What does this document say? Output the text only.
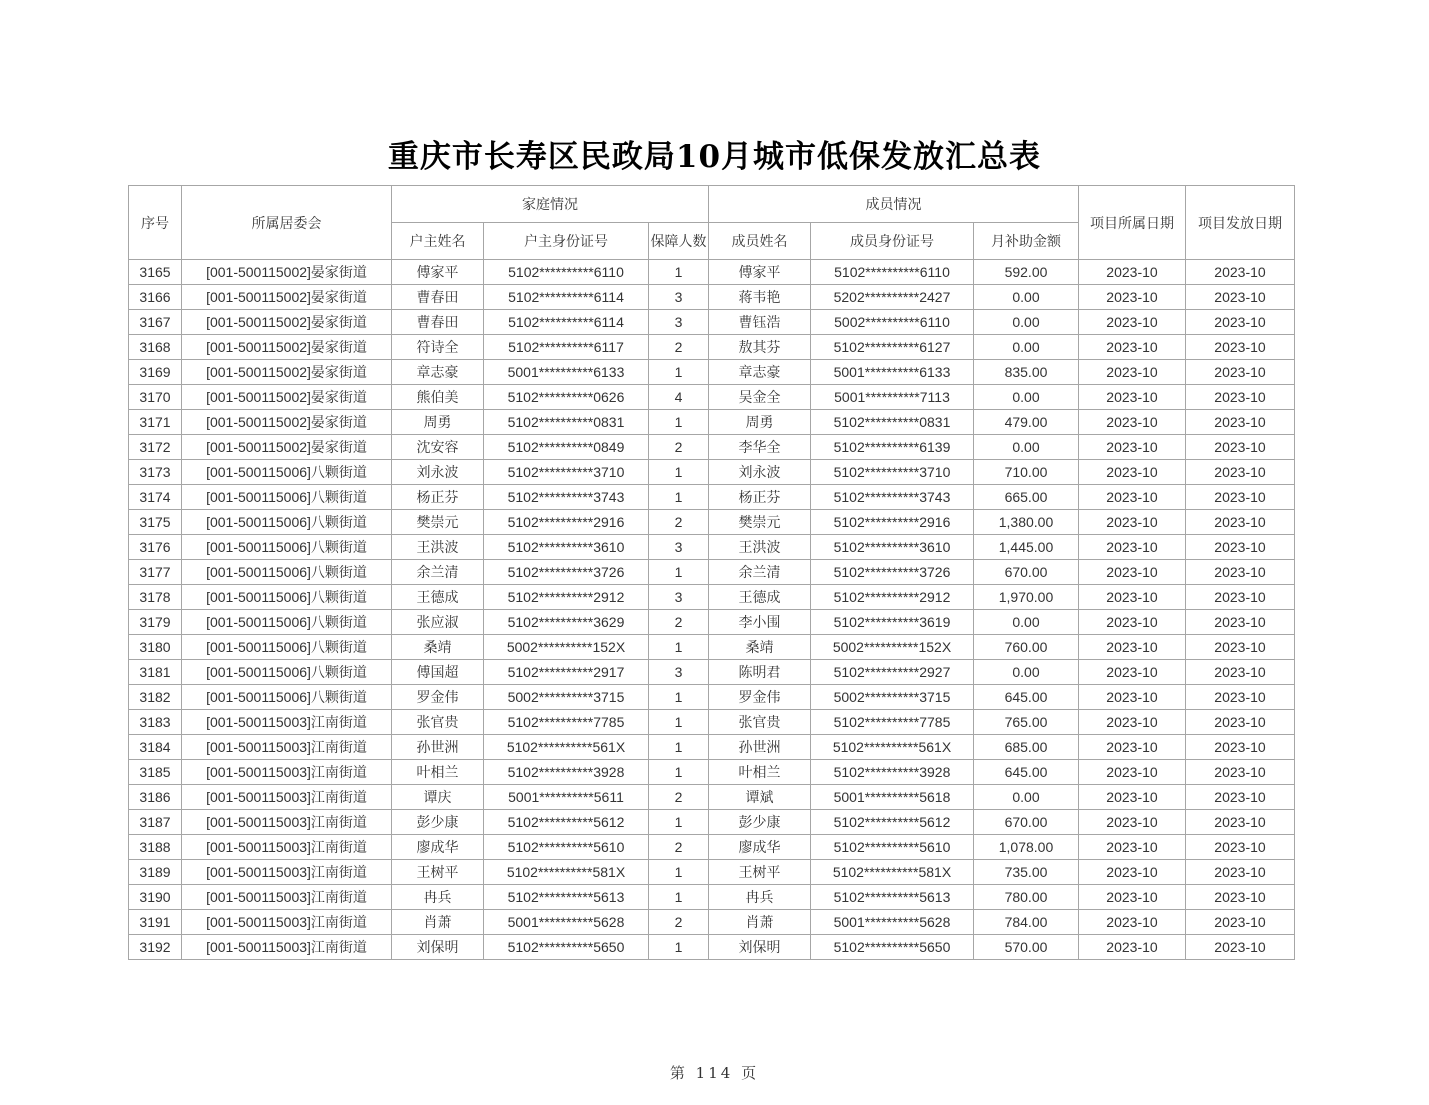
重庆市长寿区民政局10月城市低保发放汇总表
序号	所属居委会	家庭情况			成员情况			项目所属日期	项目发放日期
		户主姓名	户主身份证号	保障人数	成员姓名	成员身份证号	月补助金额		
3165	[001-500115002]晏家街道	傅家平	5102**********6110	1	傅家平	5102**********6110	592.00	2023-10	2023-10
3166	[001-500115002]晏家街道	曹春田	5102**********6114	3	蒋韦艳	5202**********2427	0.00	2023-10	2023-10
3167	[001-500115002]晏家街道	曹春田	5102**********6114	3	曹钰浩	5002**********6110	0.00	2023-10	2023-10
3168	[001-500115002]晏家街道	符诗全	5102**********6117	2	敖其芬	5102**********6127	0.00	2023-10	2023-10
3169	[001-500115002]晏家街道	章志豪	5001**********6133	1	章志豪	5001**********6133	835.00	2023-10	2023-10
3170	[001-500115002]晏家街道	熊伯美	5102**********0626	4	吴金全	5001**********7113	0.00	2023-10	2023-10
3171	[001-500115002]晏家街道	周勇	5102**********0831	1	周勇	5102**********0831	479.00	2023-10	2023-10
3172	[001-500115002]晏家街道	沈安容	5102**********0849	2	李华全	5102**********6139	0.00	2023-10	2023-10
3173	[001-500115006]八颗街道	刘永波	5102**********3710	1	刘永波	5102**********3710	710.00	2023-10	2023-10
3174	[001-500115006]八颗街道	杨正芬	5102**********3743	1	杨正芬	5102**********3743	665.00	2023-10	2023-10
3175	[001-500115006]八颗街道	樊崇元	5102**********2916	2	樊崇元	5102**********2916	1,380.00	2023-10	2023-10
3176	[001-500115006]八颗街道	王洪波	5102**********3610	3	王洪波	5102**********3610	1,445.00	2023-10	2023-10
3177	[001-500115006]八颗街道	余兰清	5102**********3726	1	余兰清	5102**********3726	670.00	2023-10	2023-10
3178	[001-500115006]八颗街道	王德成	5102**********2912	3	王德成	5102**********2912	1,970.00	2023-10	2023-10
3179	[001-500115006]八颗街道	张应淑	5102**********3629	2	李小围	5102**********3619	0.00	2023-10	2023-10
3180	[001-500115006]八颗街道	桑靖	5002**********152X	1	桑靖	5002**********152X	760.00	2023-10	2023-10
3181	[001-500115006]八颗街道	傅国超	5102**********2917	3	陈明君	5102**********2927	0.00	2023-10	2023-10
3182	[001-500115006]八颗街道	罗金伟	5002**********3715	1	罗金伟	5002**********3715	645.00	2023-10	2023-10
3183	[001-500115003]江南街道	张官贵	5102**********7785	1	张官贵	5102**********7785	765.00	2023-10	2023-10
3184	[001-500115003]江南街道	孙世洲	5102**********561X	1	孙世洲	5102**********561X	685.00	2023-10	2023-10
3185	[001-500115003]江南街道	叶相兰	5102**********3928	1	叶相兰	5102**********3928	645.00	2023-10	2023-10
3186	[001-500115003]江南街道	谭庆	5001**********5611	2	谭斌	5001**********5618	0.00	2023-10	2023-10
3187	[001-500115003]江南街道	彭少康	5102**********5612	1	彭少康	5102**********5612	670.00	2023-10	2023-10
3188	[001-500115003]江南街道	廖成华	5102**********5610	2	廖成华	5102**********5610	1,078.00	2023-10	2023-10
3189	[001-500115003]江南街道	王树平	5102**********581X	1	王树平	5102**********581X	735.00	2023-10	2023-10
3190	[001-500115003]江南街道	冉兵	5102**********5613	1	冉兵	5102**********5613	780.00	2023-10	2023-10
3191	[001-500115003]江南街道	肖萧	5001**********5628	2	肖萧	5001**********5628	784.00	2023-10	2023-10
3192	[001-500115003]江南街道	刘保明	5102**********5650	1	刘保明	5102**********5650	570.00	2023-10	2023-10
第 114 页
